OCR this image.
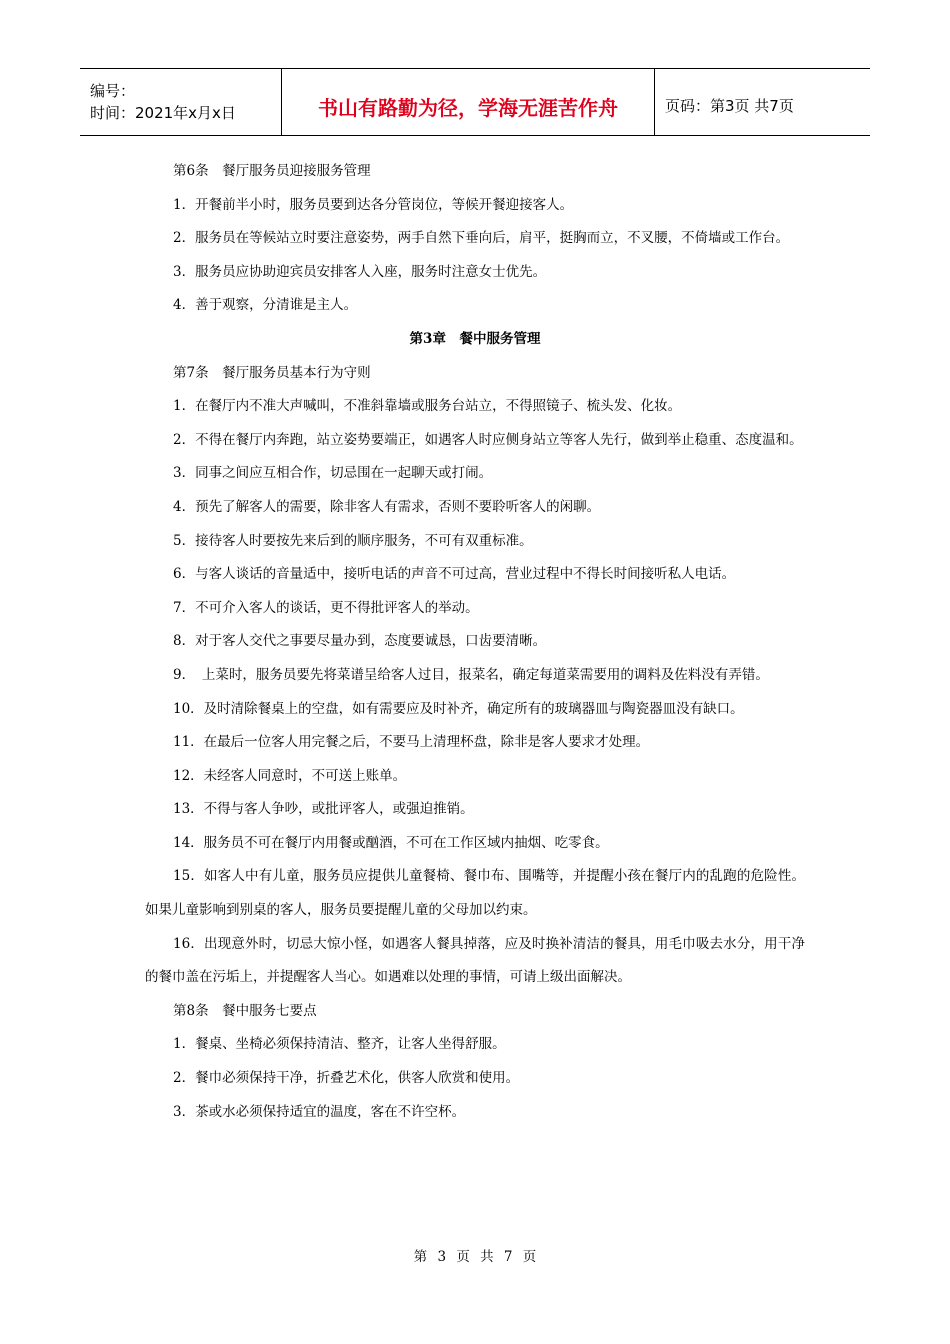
编号：
时间：2021年x月x日	书山有路勤为径，学海无涯苦作舟	页码：第3页 共7页
第6条　餐厅服务员迎接服务管理
1．开餐前半小时，服务员要到达各分管岗位，等候开餐迎接客人。
2．服务员在等候站立时要注意姿势，两手自然下垂向后，肩平，挺胸而立，不叉腰，不倚墙或工作台。
3．服务员应协助迎宾员安排客人入座，服务时注意女士优先。
4．善于观察，分清谁是主人。
第3章　餐中服务管理
第7条　餐厅服务员基本行为守则
1．在餐厅内不准大声喊叫，不准斜靠墙或服务台站立，不得照镜子、梳头发、化妆。
2．不得在餐厅内奔跑，站立姿势要端正，如遇客人时应侧身站立等客人先行，做到举止稳重、态度温和。
3．同事之间应互相合作，切忌围在一起聊天或打闹。
4．预先了解客人的需要，除非客人有需求，否则不要聆听客人的闲聊。
5．接待客人时要按先来后到的顺序服务，不可有双重标准。
6．与客人谈话的音量适中，接听电话的声音不可过高，营业过程中不得长时间接听私人电话。
7．不可介入客人的谈话，更不得批评客人的举动。
8．对于客人交代之事要尽量办到，态度要诚恳，口齿要清晰。
9．　上菜时，服务员要先将菜谱呈给客人过目，报菜名，确定每道菜需要用的调料及佐料没有弄错。
10．及时清除餐桌上的空盘，如有需要应及时补齐，确定所有的玻璃器皿与陶瓷器皿没有缺口。
11．在最后一位客人用完餐之后，不要马上清理杯盘，除非是客人要求才处理。
12．未经客人同意时，不可送上账单。
13．不得与客人争吵，或批评客人，或强迫推销。
14．服务员不可在餐厅内用餐或酗酒，不可在工作区域内抽烟、吃零食。
15．如客人中有儿童，服务员应提供儿童餐椅、餐巾布、围嘴等，并提醒小孩在餐厅内的乱跑的危险性。如果儿童影响到别桌的客人，服务员要提醒儿童的父母加以约束。
16．出现意外时，切忌大惊小怪，如遇客人餐具掉落，应及时换补清洁的餐具，用毛巾吸去水分，用干净的餐巾盖在污垢上，并提醒客人当心。如遇难以处理的事情，可请上级出面解决。
第8条　餐中服务七要点
1．餐桌、坐椅必须保持清洁、整齐，让客人坐得舒服。
2．餐巾必须保持干净，折叠艺术化，供客人欣赏和使用。
3．茶或水必须保持适宜的温度，客在不许空杯。
第 3 页 共 7 页
